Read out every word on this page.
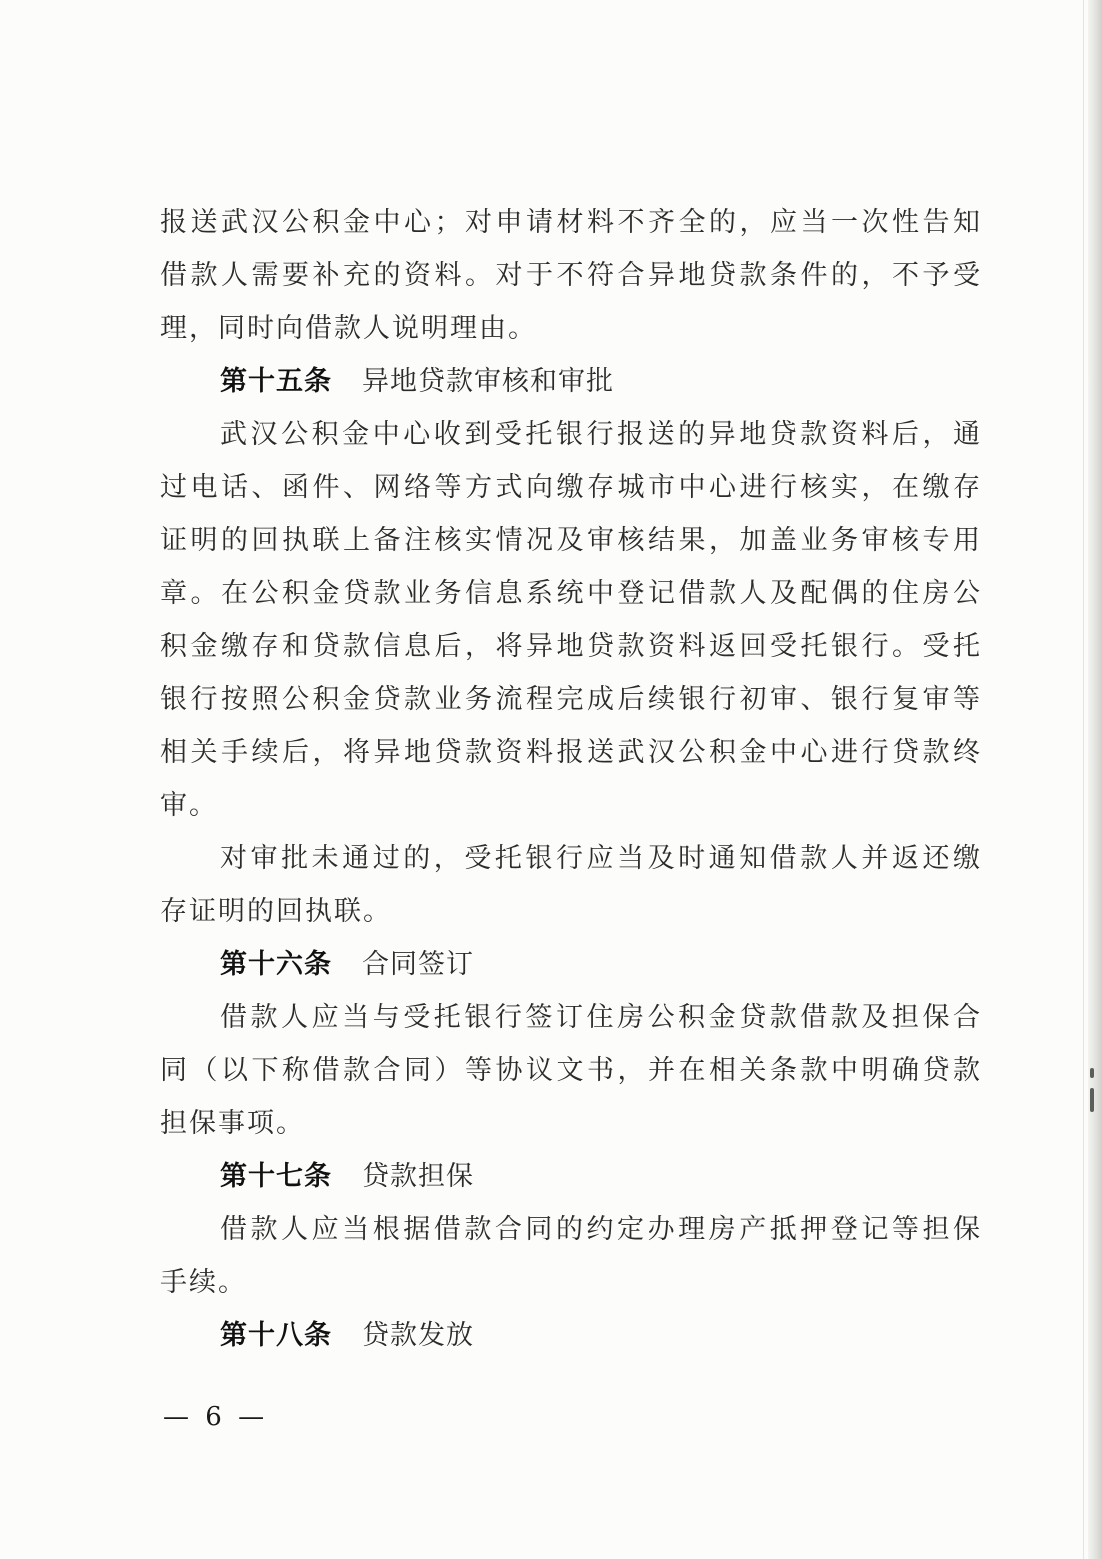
报送武汉公积金中心；对申请材料不齐全的，应当一次性告知
借款人需要补充的资料。对于不符合异地贷款条件的，不予受
理，同时向借款人说明理由。
第十五条 异地贷款审核和审批
武汉公积金中心收到受托银行报送的异地贷款资料后，通
过电话、函件、网络等方式向缴存城市中心进行核实，在缴存
证明的回执联上备注核实情况及审核结果，加盖业务审核专用
章。在公积金贷款业务信息系统中登记借款人及配偶的住房公
积金缴存和贷款信息后，将异地贷款资料返回受托银行。受托
银行按照公积金贷款业务流程完成后续银行初审、银行复审等
相关手续后，将异地贷款资料报送武汉公积金中心进行贷款终
审。
对审批未通过的，受托银行应当及时通知借款人并返还缴
存证明的回执联。
第十六条 合同签订
借款人应当与受托银行签订住房公积金贷款借款及担保合
同（以下称借款合同）等协议文书，并在相关条款中明确贷款
担保事项。
第十七条 贷款担保
借款人应当根据借款合同的约定办理房产抵押登记等担保
手续。
第十八条 贷款发放
— 6 —
